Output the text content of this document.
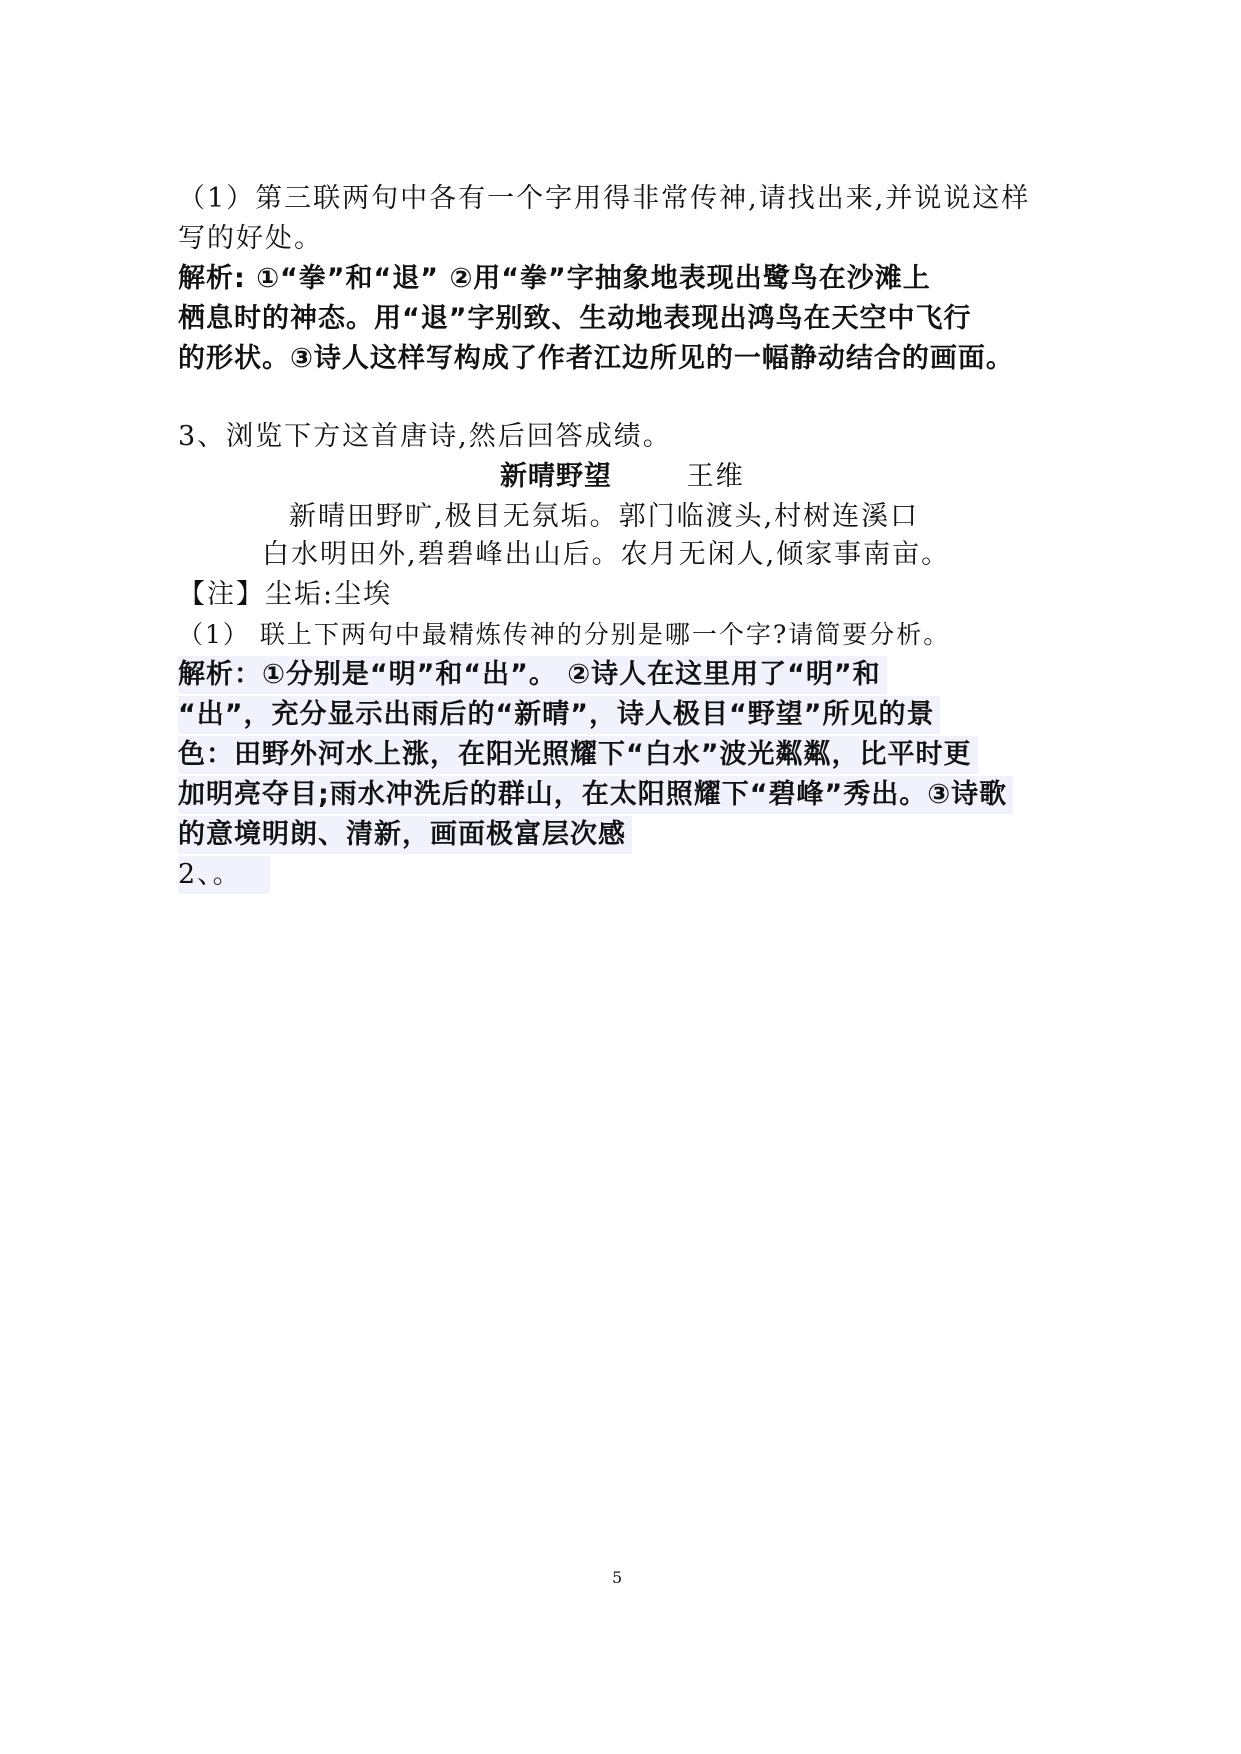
（1）第三联两句中各有一个字用得非常传神,请找出来,并说说这样
写的好处。
解析: ①“拳”和“退” ②用“拳”字抽象地表现出鹭鸟在沙滩上
栖息时的神态。用“退”字别致、生动地表现出鸿鸟在天空中飞行
的形状。③诗人这样写构成了作者江边所见的一幅静动结合的画面。
3、浏览下方这首唐诗,然后回答成绩。
新晴野望	王维
新晴田野旷,极目无氛垢。郭门临渡头,村树连溪口
白水明田外,碧碧峰出山后。农月无闲人,倾家事南亩。
【注】尘垢:尘埃
（1） 联上下两句中最精炼传神的分别是哪一个字?请简要分析。
解析：①分别是“明”和“出”。 ②诗人在这里用了“明”和
“出”，充分显示出雨后的“新晴”，诗人极目“野望”所见的景
色：田野外河水上涨，在阳光照耀下“白水”波光粼粼，比平时更
加明亮夺目;雨水冲洗后的群山，在太阳照耀下“碧峰”秀出。③诗歌
的意境明朗、清新，画面极富层次感
2、。
5
